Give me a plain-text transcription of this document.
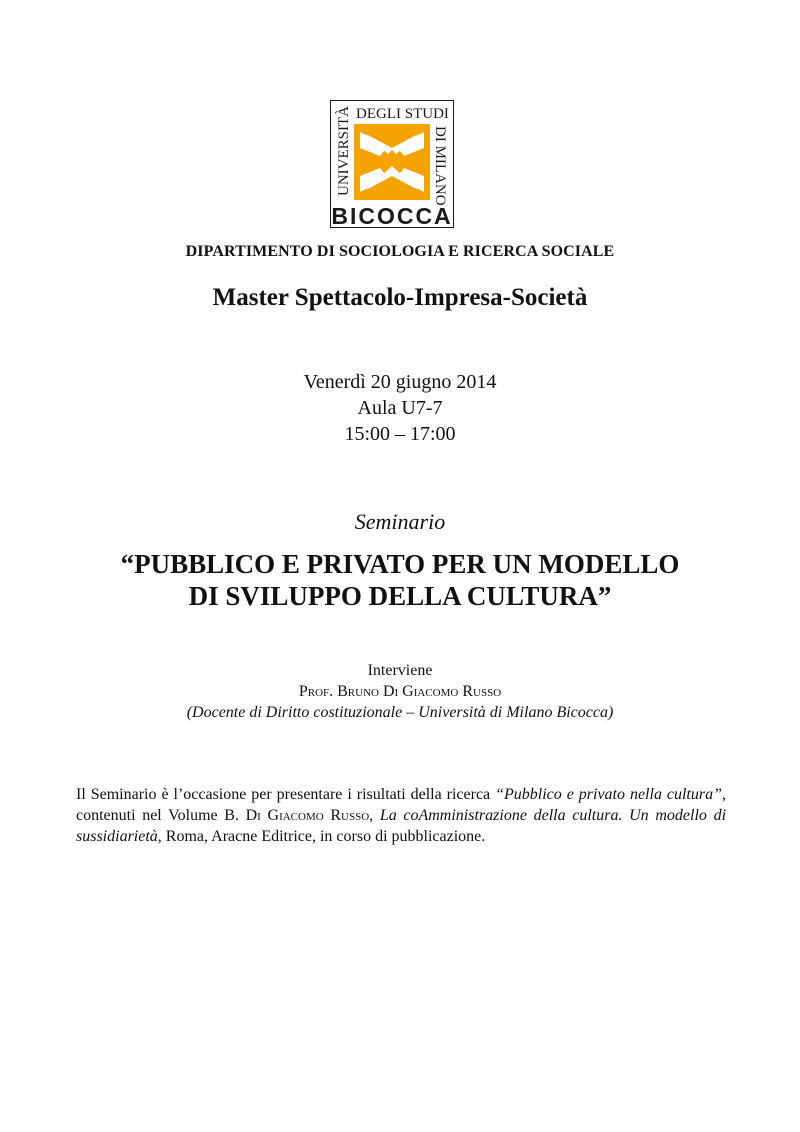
UNIVERSITÀ DEGLI STUDI
DI MILANO
BICOCCA
DIPARTIMENTO DI SOCIOLOGIA E RICERCA SOCIALE
Master Spettacolo-Impresa-Società
Venerdì 20 giugno 2014
Aula U7-7
15:00 – 17:00
Seminario
“PUBBLICO E PRIVATO PER UN MODELLO
DI SVILUPPO DELLA CULTURA”
Interviene
Prof. Bruno Di Giacomo Russo
(Docente di Diritto costituzionale – Università di Milano Bicocca)
Il Seminario è l’occasione per presentare i risultati della ricerca “Pubblico e privato nella cultura”, contenuti nel Volume B. Di Giacomo Russo, La coAmministrazione della cultura. Un modello di sussidiarietà, Roma, Aracne Editrice, in corso di pubblicazione.
